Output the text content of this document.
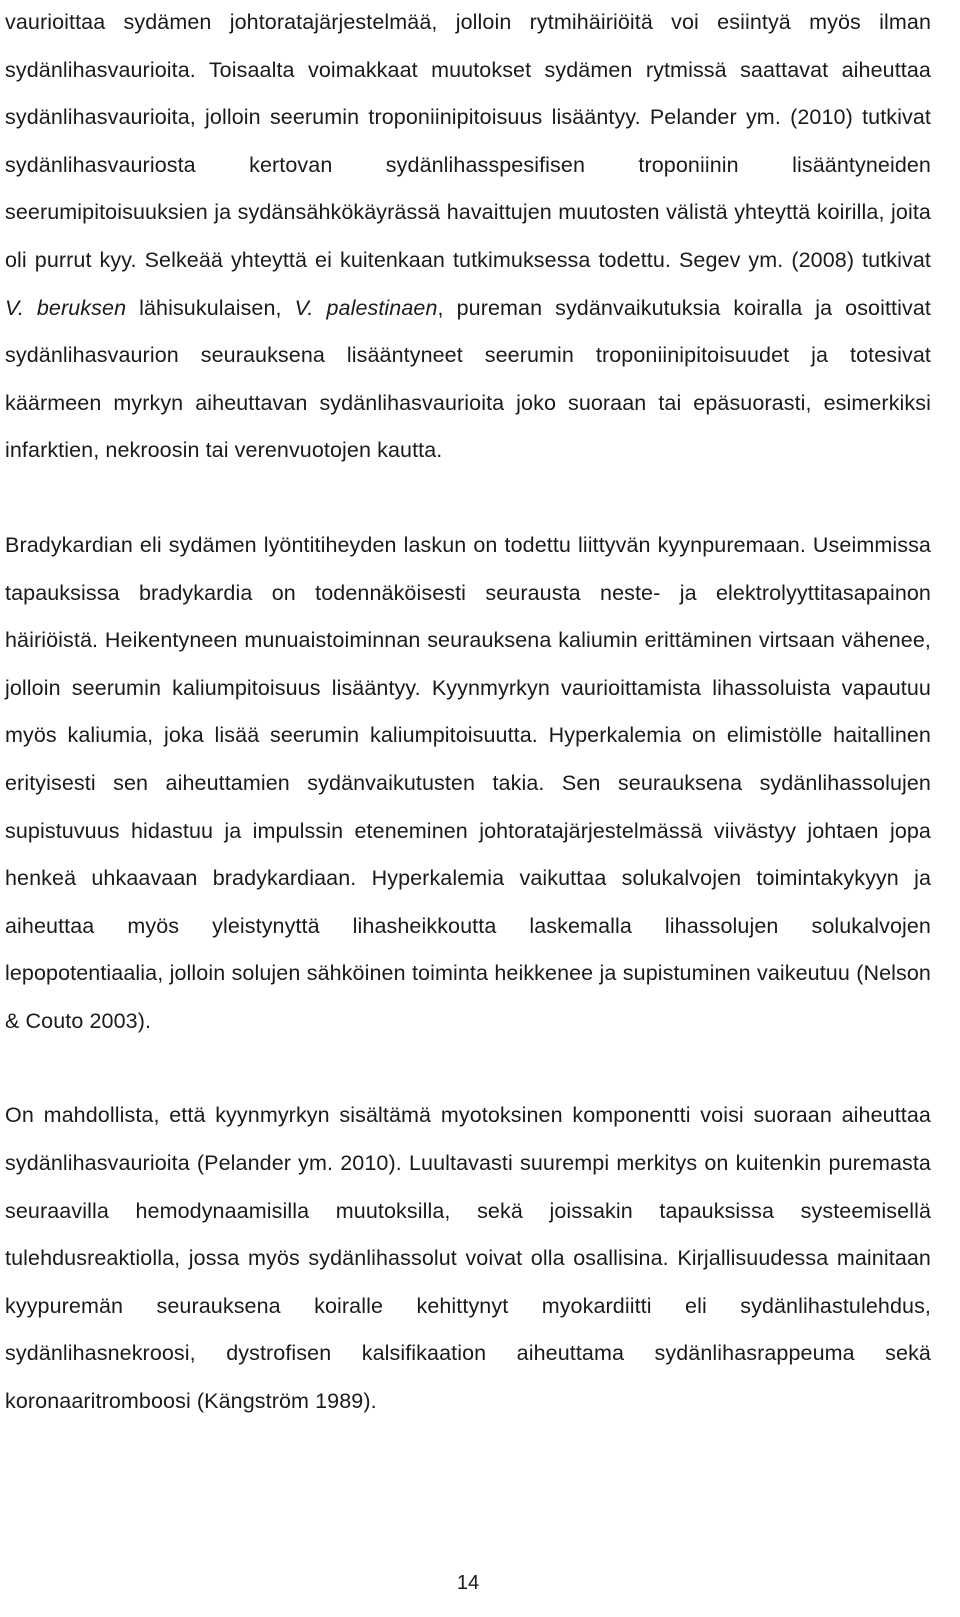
vaurioittaa sydämen johtoratajärjestelmää, jolloin rytmihäiriöitä voi esiintyä myös ilman sydänlihasvaurioita. Toisaalta voimakkaat muutokset sydämen rytmissä saattavat aiheuttaa sydänlihasvaurioita, jolloin seerumin troponiinipitoisuus lisääntyy. Pelander ym. (2010) tutkivat sydänlihasvauriosta kertovan sydänlihasspesifisen troponiinin lisääntyneiden seerumipitoisuuksien ja sydänsähkökäyrässä havaittujen muutosten välistä yhteyttä koirilla, joita oli purrut kyy. Selkeää yhteyttä ei kuitenkaan tutkimuksessa todettu. Segev ym. (2008) tutkivat V. beruksen lähisukulaisen, V. palestinaen, pureman sydänvaikutuksia koiralla ja osoittivat sydänlihasvaurion seurauksena lisääntyneet seerumin troponiinipitoisuudet ja totesivat käärmeen myrkyn aiheuttavan sydänlihasvaurioita joko suoraan tai epäsuorasti, esimerkiksi infarktien, nekroosin tai verenvuotojen kautta.

Bradykardian eli sydämen lyöntitiheyden laskun on todettu liittyvän kyynpuremaan. Useimmissa tapauksissa bradykardia on todennäköisesti seurausta neste- ja elektrolyyttitasapainon häiriöistä. Heikentyneen munuaistoiminnan seurauksena kaliumin erittäminen virtsaan vähenee, jolloin seerumin kaliumpitoisuus lisääntyy. Kyynmyrkyn vaurioittamista lihassoluista vapautuu myös kaliumia, joka lisää seerumin kaliumpitoisuutta. Hyperkalemia on elimistölle haitallinen erityisesti sen aiheuttamien sydänvaikutusten takia. Sen seurauksena sydänlihassolujen supistuvuus hidastuu ja impulssin eteneminen johtoratajärjestelmässä viivästyy johtaen jopa henkeä uhkaavaan bradykardiaan. Hyperkalemia vaikuttaa solukalvojen toimintakykyyn ja aiheuttaa myös yleistynyttä lihasheikkoutta laskemalla lihassolujen solukalvojen lepopotentiaalia, jolloin solujen sähköinen toiminta heikkenee ja supistuminen vaikeutuu (Nelson & Couto 2003).

On mahdollista, että kyynmyrkyn sisältämä myotoksinen komponentti voisi suoraan aiheuttaa sydänlihasvaurioita (Pelander ym. 2010). Luultavasti suurempi merkitys on kuitenkin puremasta seuraavilla hemodynaamisilla muutoksilla, sekä joissakin tapauksissa systeemisellä tulehdusreaktiolla, jossa myös sydänlihassolut voivat olla osallisina. Kirjallisuudessa mainitaan kyypuremän seurauksena koiralle kehittynyt myokardiitti eli sydänlihastulehdus, sydänlihasnekroosi, dystrofisen kalsifikaation aiheuttama sydänlihasrappeuma sekä koronaaritromboosi (Kängström 1989).

14
